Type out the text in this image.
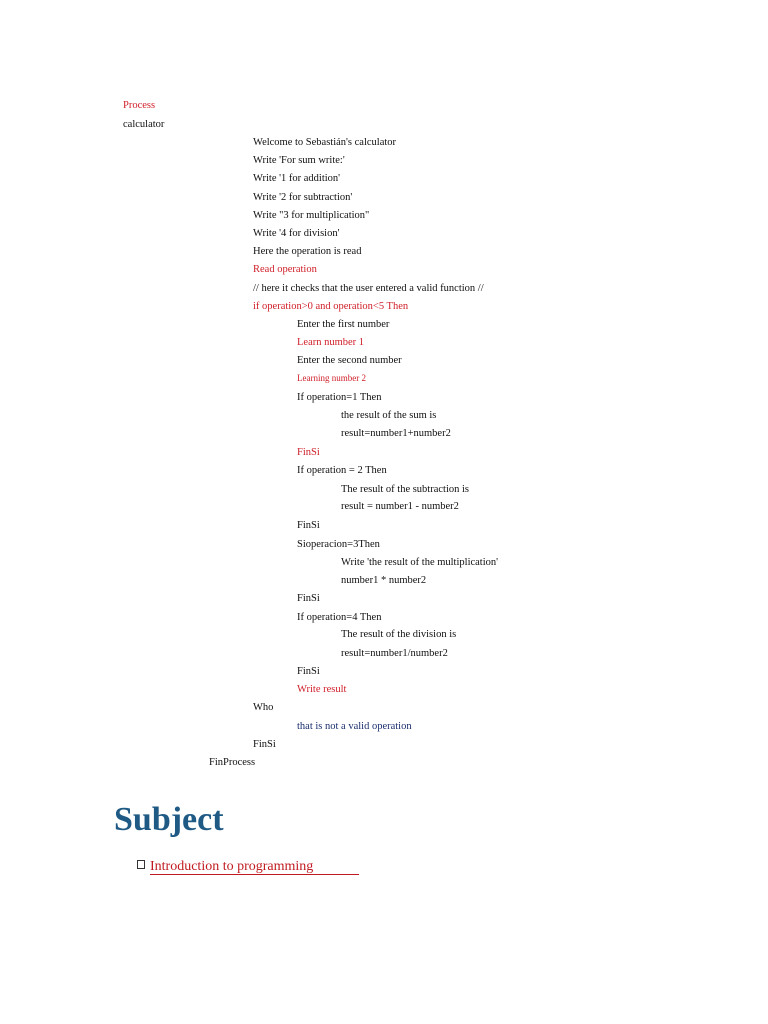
Process
calculator
Welcome to Sebastián's calculator
Write 'For sum write:'
Write '1 for addition'
Write '2 for subtraction'
Write "3 for multiplication"
Write '4 for division'
Here the operation is read
Read operation
// here it checks that the user entered a valid function //
if operation>0 and operation<5 Then
Enter the first number
Learn number 1
Enter the second number
Learning number 2
If operation=1 Then
the result of the sum is
result=number1+number2
FinSi
If operation = 2 Then
The result of the subtraction is
result = number1 - number2
FinSi
Sioperacion=3Then
Write 'the result of the multiplication'
number1 * number2
FinSi
If operation=4 Then
The result of the division is
result=number1/number2
FinSi
Write result
Who
that is not a valid operation
FinSi
FinProcess
Subject
Introduction to programming
